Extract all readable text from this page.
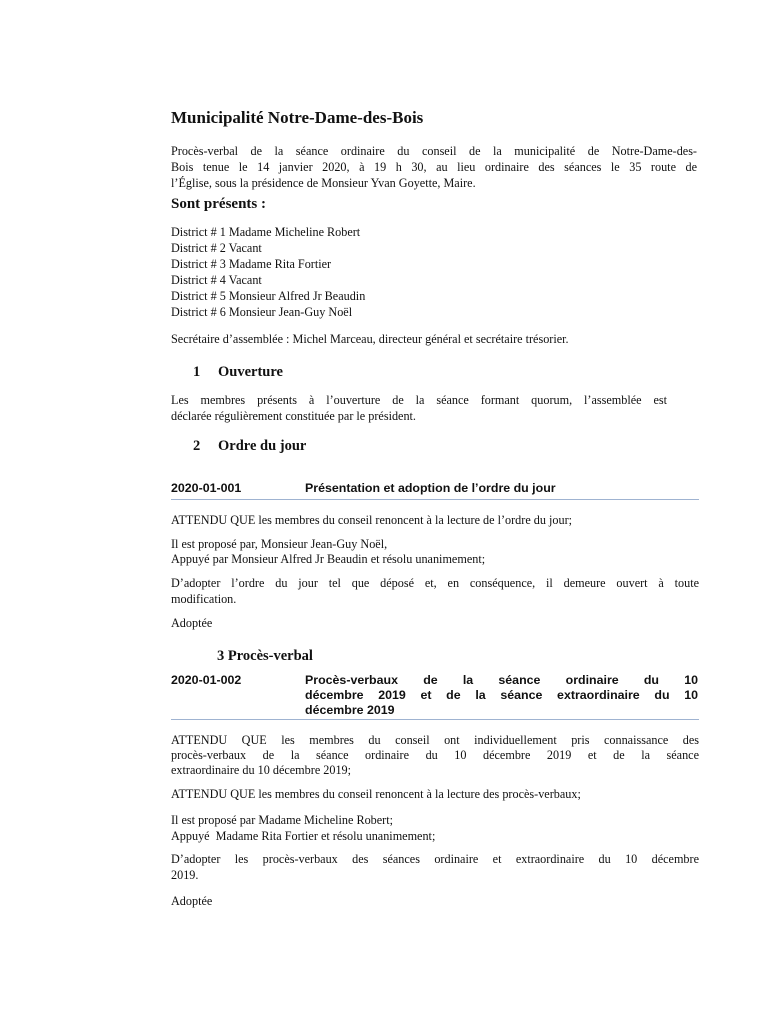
Municipalité Notre-Dame-des-Bois
Procès-verbal de la séance ordinaire du conseil de la municipalité de Notre-Dame-des-
Bois tenue le 14 janvier 2020, à 19 h 30, au lieu ordinaire des séances le 35 route de
l’Église, sous la présidence de Monsieur Yvan Goyette, Maire.
Sont présents :
District # 1 Madame Micheline Robert
District # 2 Vacant
District # 3 Madame Rita Fortier
District # 4 Vacant
District # 5 Monsieur Alfred Jr Beaudin
District # 6 Monsieur Jean-Guy Noël
Secrétaire d’assemblée : Michel Marceau, directeur général et secrétaire trésorier.
1 Ouverture
Les membres présents à l’ouverture de la séance formant quorum, l’assemblée est
déclarée régulièrement constituée par le président.
2 Ordre du jour
2020-01-001	Présentation et adoption de l’ordre du jour
ATTENDU QUE les membres du conseil renoncent à la lecture de l’ordre du jour;
Il est proposé par, Monsieur Jean-Guy Noël,
Appuyé par Monsieur Alfred Jr Beaudin et résolu unanimement;
D’adopter l’ordre du jour tel que déposé et, en conséquence, il demeure ouvert à toute
modification.
Adoptée
3 Procès-verbal
2020-01-002	Procès-verbaux de la séance ordinaire du 10
décembre 2019 et de la séance extraordinaire du 10
décembre 2019
ATTENDU QUE les membres du conseil ont individuellement pris connaissance des
procès-verbaux de la séance ordinaire du 10 décembre 2019 et de la séance
extraordinaire du 10 décembre 2019;
ATTENDU QUE les membres du conseil renoncent à la lecture des procès-verbaux;
Il est proposé par Madame Micheline Robert;
Appuyé  Madame Rita Fortier et résolu unanimement;
D’adopter les procès-verbaux des séances ordinaire et extraordinaire du 10 décembre
2019.
Adoptée
